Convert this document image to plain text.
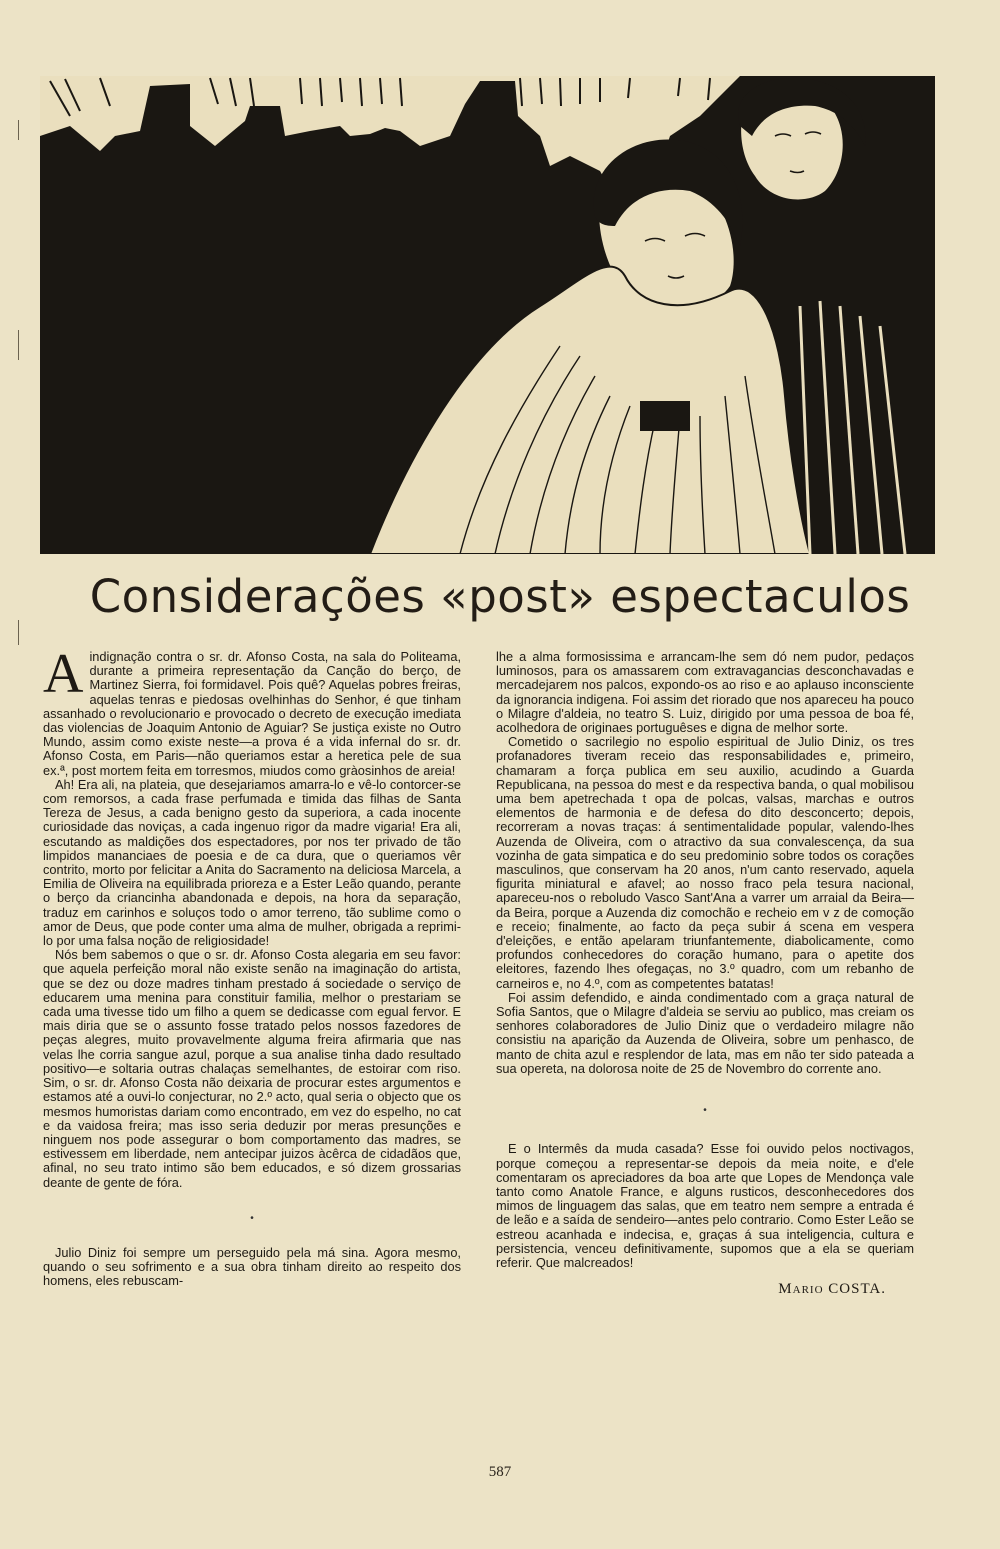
Considerações «post» espectaculos

Aindignação contra o sr. dr. Afonso Costa, na sala do Politeama, durante a primeira representação da Canção do berço, de Martinez Sierra, foi formidavel. Pois quê? Aquelas pobres freiras, aquelas tenras e piedosas ovelhinhas do Senhor, é que tinham assanhado o revolucionario e provocado o decreto de execução imediata das violencias de Joaquim Antonio de Aguiar? Se justiça existe no Outro Mundo, assim como existe neste—a prova é a vida infernal do sr. dr. Afonso Costa, em Paris—não queriamos estar a heretica pele de sua ex.ª, post mortem feita em torresmos, miudos como gràosinhos de areia!

Ah! Era ali, na plateia, que desejariamos amarra-lo e vê-lo contorcer-se com remorsos, a cada frase perfumada e timida das filhas de Santa Tereza de Jesus, a cada benigno gesto da superiora, a cada inocente curiosidade das noviças, a cada ingenuo rigor da madre vigaria! Era ali, escutando as maldições dos espectadores, por nos ter privado de tão limpidos mananciaes de poesia e de ca dura, que o queriamos vêr contrito, morto por felicitar a Anita do Sacramento na deliciosa Marcela, a Emilia de Oliveira na equilibrada prioreza e a Ester Leão quando, perante o berço da criancinha abandonada e depois, na hora da separação, traduz em carinhos e soluços todo o amor terreno, tão sublime como o amor de Deus, que pode conter uma alma de mulher, obrigada a reprimi-lo por uma falsa noção de religiosidade!

Nós bem sabemos o que o sr. dr. Afonso Costa alegaria em seu favor: que aquela perfeição moral não existe senão na imaginação do artista, que se dez ou doze madres tinham prestado á sociedade o serviço de educarem uma menina para constituir familia, melhor o prestariam se cada uma tivesse tido um filho a quem se dedicasse com egual fervor. E mais diria que se o assunto fosse tratado pelos nossos fazedores de peças alegres, muito provavelmente alguma freira afirmaria que nas velas lhe corria sangue azul, porque a sua analise tinha dado resultado positivo—e soltaria outras chalaças semelhantes, de estoirar com riso. Sim, o sr. dr. Afonso Costa não deixaria de procurar estes argumentos e estamos até a ouvi-lo conjecturar, no 2.º acto, qual seria o objecto que os mesmos humoristas dariam como encontrado, em vez do espelho, no cat e da vaidosa freira; mas isso seria deduzir por meras presunções e ninguem nos pode assegurar o bom comportamento das madres, se estivessem em liberdade, nem antecipar juizos àcêrca de cidadãos que, afinal, no seu trato intimo são bem educados, e só dizem grossarias deante de gente de fóra.

•

Julio Diniz foi sempre um perseguido pela má sina. Agora mesmo, quando o seu sofrimento e a sua obra tinham direito ao respeito dos homens, eles rebuscam-

lhe a alma formosissima e arrancam-lhe sem dó nem pudor, pedaços luminosos, para os amassarem com extravagancias desconchavadas e mercadejarem nos palcos, expondo-os ao riso e ao aplauso inconsciente da ignorancia indigena. Foi assim det riorado que nos apareceu ha pouco o Milagre d'aldeia, no teatro S. Luiz, dirigido por uma pessoa de boa fé, acolhedora de originaes portuguêses e digna de melhor sorte.

Cometido o sacrilegio no espolio espiritual de Julio Diniz, os tres profanadores tiveram receio das responsabilidades e, primeiro, chamaram a força publica em seu auxilio, acudindo a Guarda Republicana, na pessoa do mest e da respectiva banda, o qual mobilisou uma bem apetrechada t opa de polcas, valsas, marchas e outros elementos de harmonia e de defesa do dito desconcerto; depois, recorreram a novas traças: á sentimentalidade popular, valendo-lhes Auzenda de Oliveira, com o atractivo da sua convalescença, da sua vozinha de gata simpatica e do seu predominio sobre todos os corações masculinos, que conservam ha 20 anos, n'um canto reservado, aquela figurita miniatural e afavel; ao nosso fraco pela tesura nacional, apareceu-nos o reboludo Vasco Sant'Ana a varrer um arraial da Beira—da Beira, porque a Auzenda diz comochão e recheio em v z de comoção e receio; finalmente, ao facto da peça subir á scena em vespera d'eleições, e então apelaram triunfantemente, diabolicamente, como profundos conhecedores do coração humano, para o apetite dos eleitores, fazendo lhes ofegaças, no 3.º quadro, com um rebanho de carneiros e, no 4.º, com as competentes batatas!

Foi assim defendido, e ainda condimentado com a graça natural de Sofia Santos, que o Milagre d'aldeia se serviu ao publico, mas creiam os senhores colaboradores de Julio Diniz que o verdadeiro milagre não consistiu na aparição da Auzenda de Oliveira, sobre um penhasco, de manto de chita azul e resplendor de lata, mas em não ter sido pateada a sua opereta, na dolorosa noite de 25 de Novembro do corrente ano.

•

E o Intermês da muda casada? Esse foi ouvido pelos noctivagos, porque começou a representar-se depois da meia noite, e d'ele comentaram os apreciadores da boa arte que Lopes de Mendonça vale tanto como Anatole France, e alguns rusticos, desconhecedores dos mimos de linguagem das salas, que em teatro nem sempre a entrada é de leão e a saída de sendeiro—antes pelo contrario. Como Ester Leão se estreou acanhada e indecisa, e, graças á sua inteligencia, cultura e persistencia, venceu definitivamente, supomos que a ela se queriam referir. Que malcreados!

Mario COSTA.
587
